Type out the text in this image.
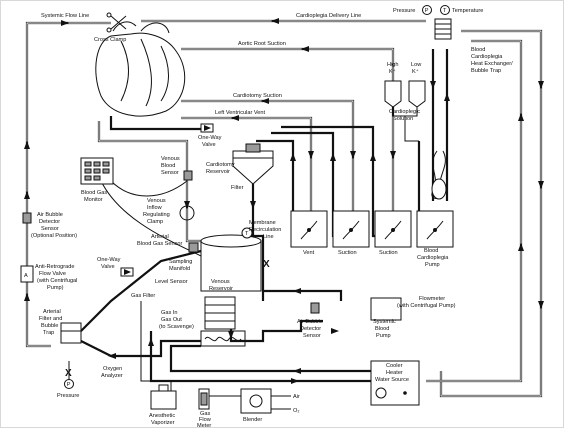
P	T
A
T
X
X
P
Systemic Flow Line	Cardioplegia Delivery Line
Pressure	Temperature
Cross Clamp
Aortic Root Suction
Blood
Cardioplegia
Heat Exchanger/
Bubble Trap
High
K⁺
Low
K⁺
Cardioplegic
Solution
Cardiotomy Suction
Left Ventricular Vent
One-Way
Valve
Cardiotomy
Reservoir
Filter
Venous
Blood
Sensor
Blood Gas
Monitor	Venous
Inflow
Regulating
Clamp
Air Bubble
Detector
Sensor
(Optional Position)	Arterial
Blood Gas Sensor
Membrane
Recirculation
Line
Vent	Suction	Suction	Blood
Cardioplegia
Pump
Anti-Retrograde
Flow Valve
(with Centrifugal
Pump)
One-Way
Valve
Sampling
Manifold
Level Sensor	Venous
Reservoir
Gas Filter	Flowmeter
(with Centrifugal Pump)
Arterial
Filter and
Bubble
Trap
Gas In
Gas Out
(to Scavenge)
Air Bubble
Detector
Sensor
Systemic
Blood
Pump
Oxygen
Analyzer
Cooler
Heater
Water Source
Pressure
Anesthetic
Vaporizer
Gas
Flow
Meter
Blender
Air
O₂
